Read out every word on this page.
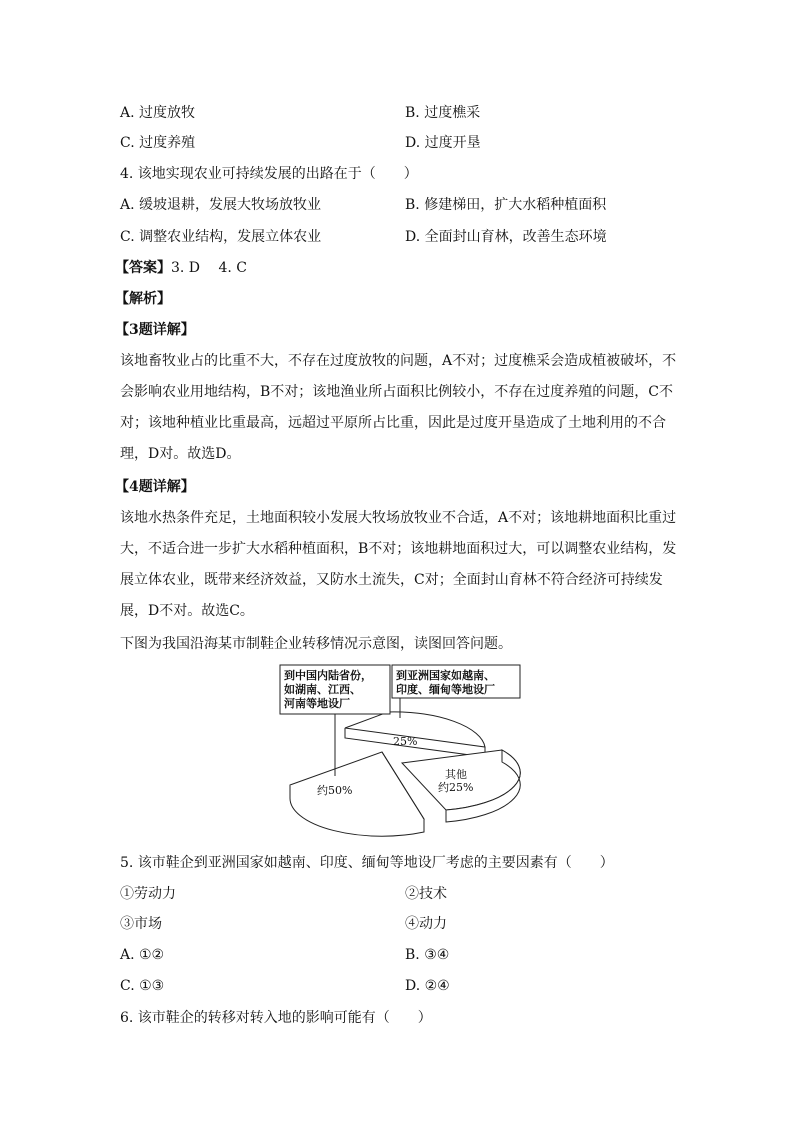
A. 过度放牧	B. 过度樵采
C. 过度养殖	D. 过度开垦
4. 该地实现农业可持续发展的出路在于（　　）
A. 缓坡退耕，发展大牧场放牧业	B. 修建梯田，扩大水稻种植面积
C. 调整农业结构，发展立体农业	D. 全面封山育林，改善生态环境
【答案】3. D　 4. C
【解析】
【3题详解】
该地畜牧业占的比重不大，不存在过度放牧的问题，A不对；过度樵采会造成植被破坏，不会影响农业用地结构，B不对；该地渔业所占面积比例较小，不存在过度养殖的问题，C不对；该地种植业比重最高，远超过平原所占比重，因此是过度开垦造成了土地利用的不合理，D对。故选D。
【4题详解】
该地水热条件充足，土地面积较小发展大牧场放牧业不合适，A不对；该地耕地面积比重过大，不适合进一步扩大水稻种植面积，B不对；该地耕地面积过大，可以调整农业结构，发展立体农业，既带来经济效益，又防水土流失，C对；全面封山育林不符合经济可持续发展，D不对。故选C。
下图为我国沿海某市制鞋企业转移情况示意图，读图回答问题。
到中国内陆省份，
如湖南、江西、
河南等地设厂
到亚洲国家如越南、
印度、缅甸等地设厂
25%
约50%
其他
约25%
5. 该市鞋企到亚洲国家如越南、印度、缅甸等地设厂考虑的主要因素有（　　）
①劳动力	②技术
③市场	④动力
A. ①②	B. ③④
C. ①③	D. ②④
6. 该市鞋企的转移对转入地的影响可能有（　　）
